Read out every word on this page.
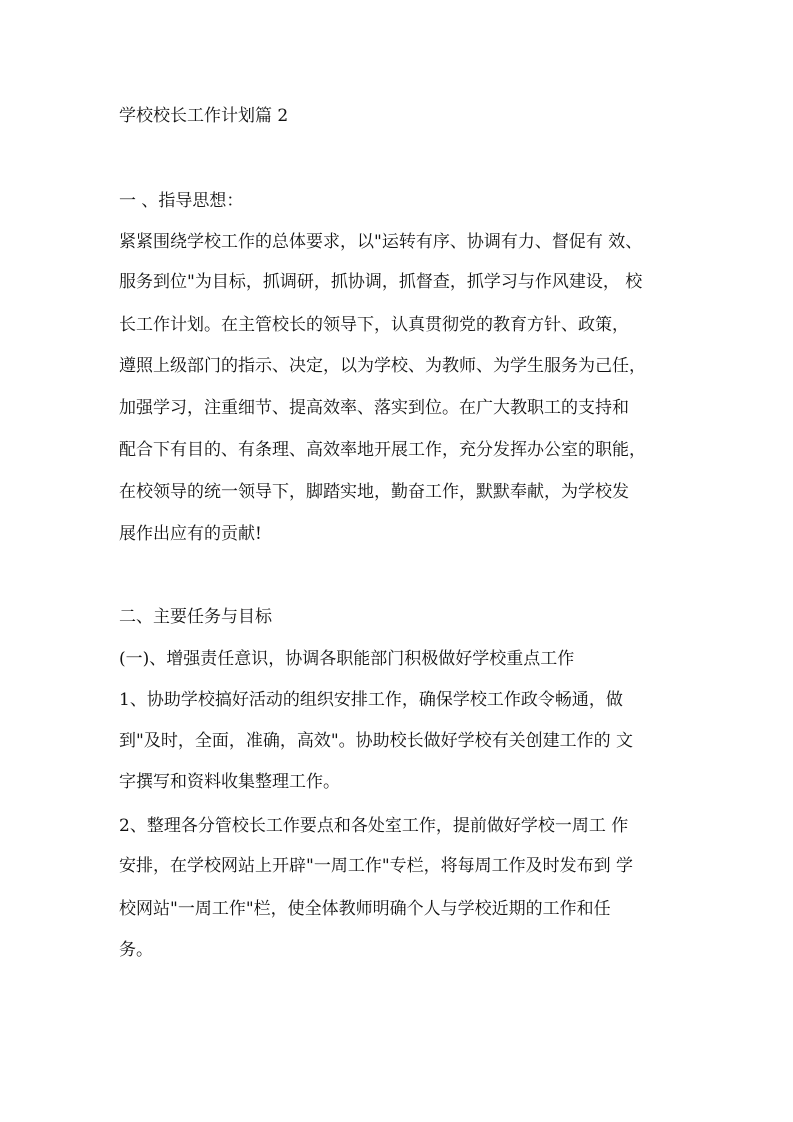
学校校长工作计划篇 2
一 、指导思想：
紧紧围绕学校工作的总体要求，以"运转有序、协调有力、督促有 效、
服务到位"为目标，抓调研，抓协调，抓督查，抓学习与作风建设， 校
长工作计划。在主管校长的领导下，认真贯彻党的教育方针、政策，
遵照上级部门的指示、决定，以为学校、为教师、为学生服务为己任，
加强学习，注重细节、提高效率、落实到位。在广大教职工的支持和
配合下有目的、有条理、高效率地开展工作，充分发挥办公室的职能，
在校领导的统一领导下，脚踏实地，勤奋工作，默默奉献，为学校发
展作出应有的贡献!
二、主要任务与目标
(一)、增强责任意识，协调各职能部门积极做好学校重点工作
1、协助学校搞好活动的组织安排工作，确保学校工作政令畅通，做
到"及时，全面，准确，高效"。协助校长做好学校有关创建工作的 文
字撰写和资料收集整理工作。
2、整理各分管校长工作要点和各处室工作，提前做好学校一周工 作
安排，在学校网站上开辟"一周工作"专栏，将每周工作及时发布到 学
校网站"一周工作"栏，使全体教师明确个人与学校近期的工作和任
务。
